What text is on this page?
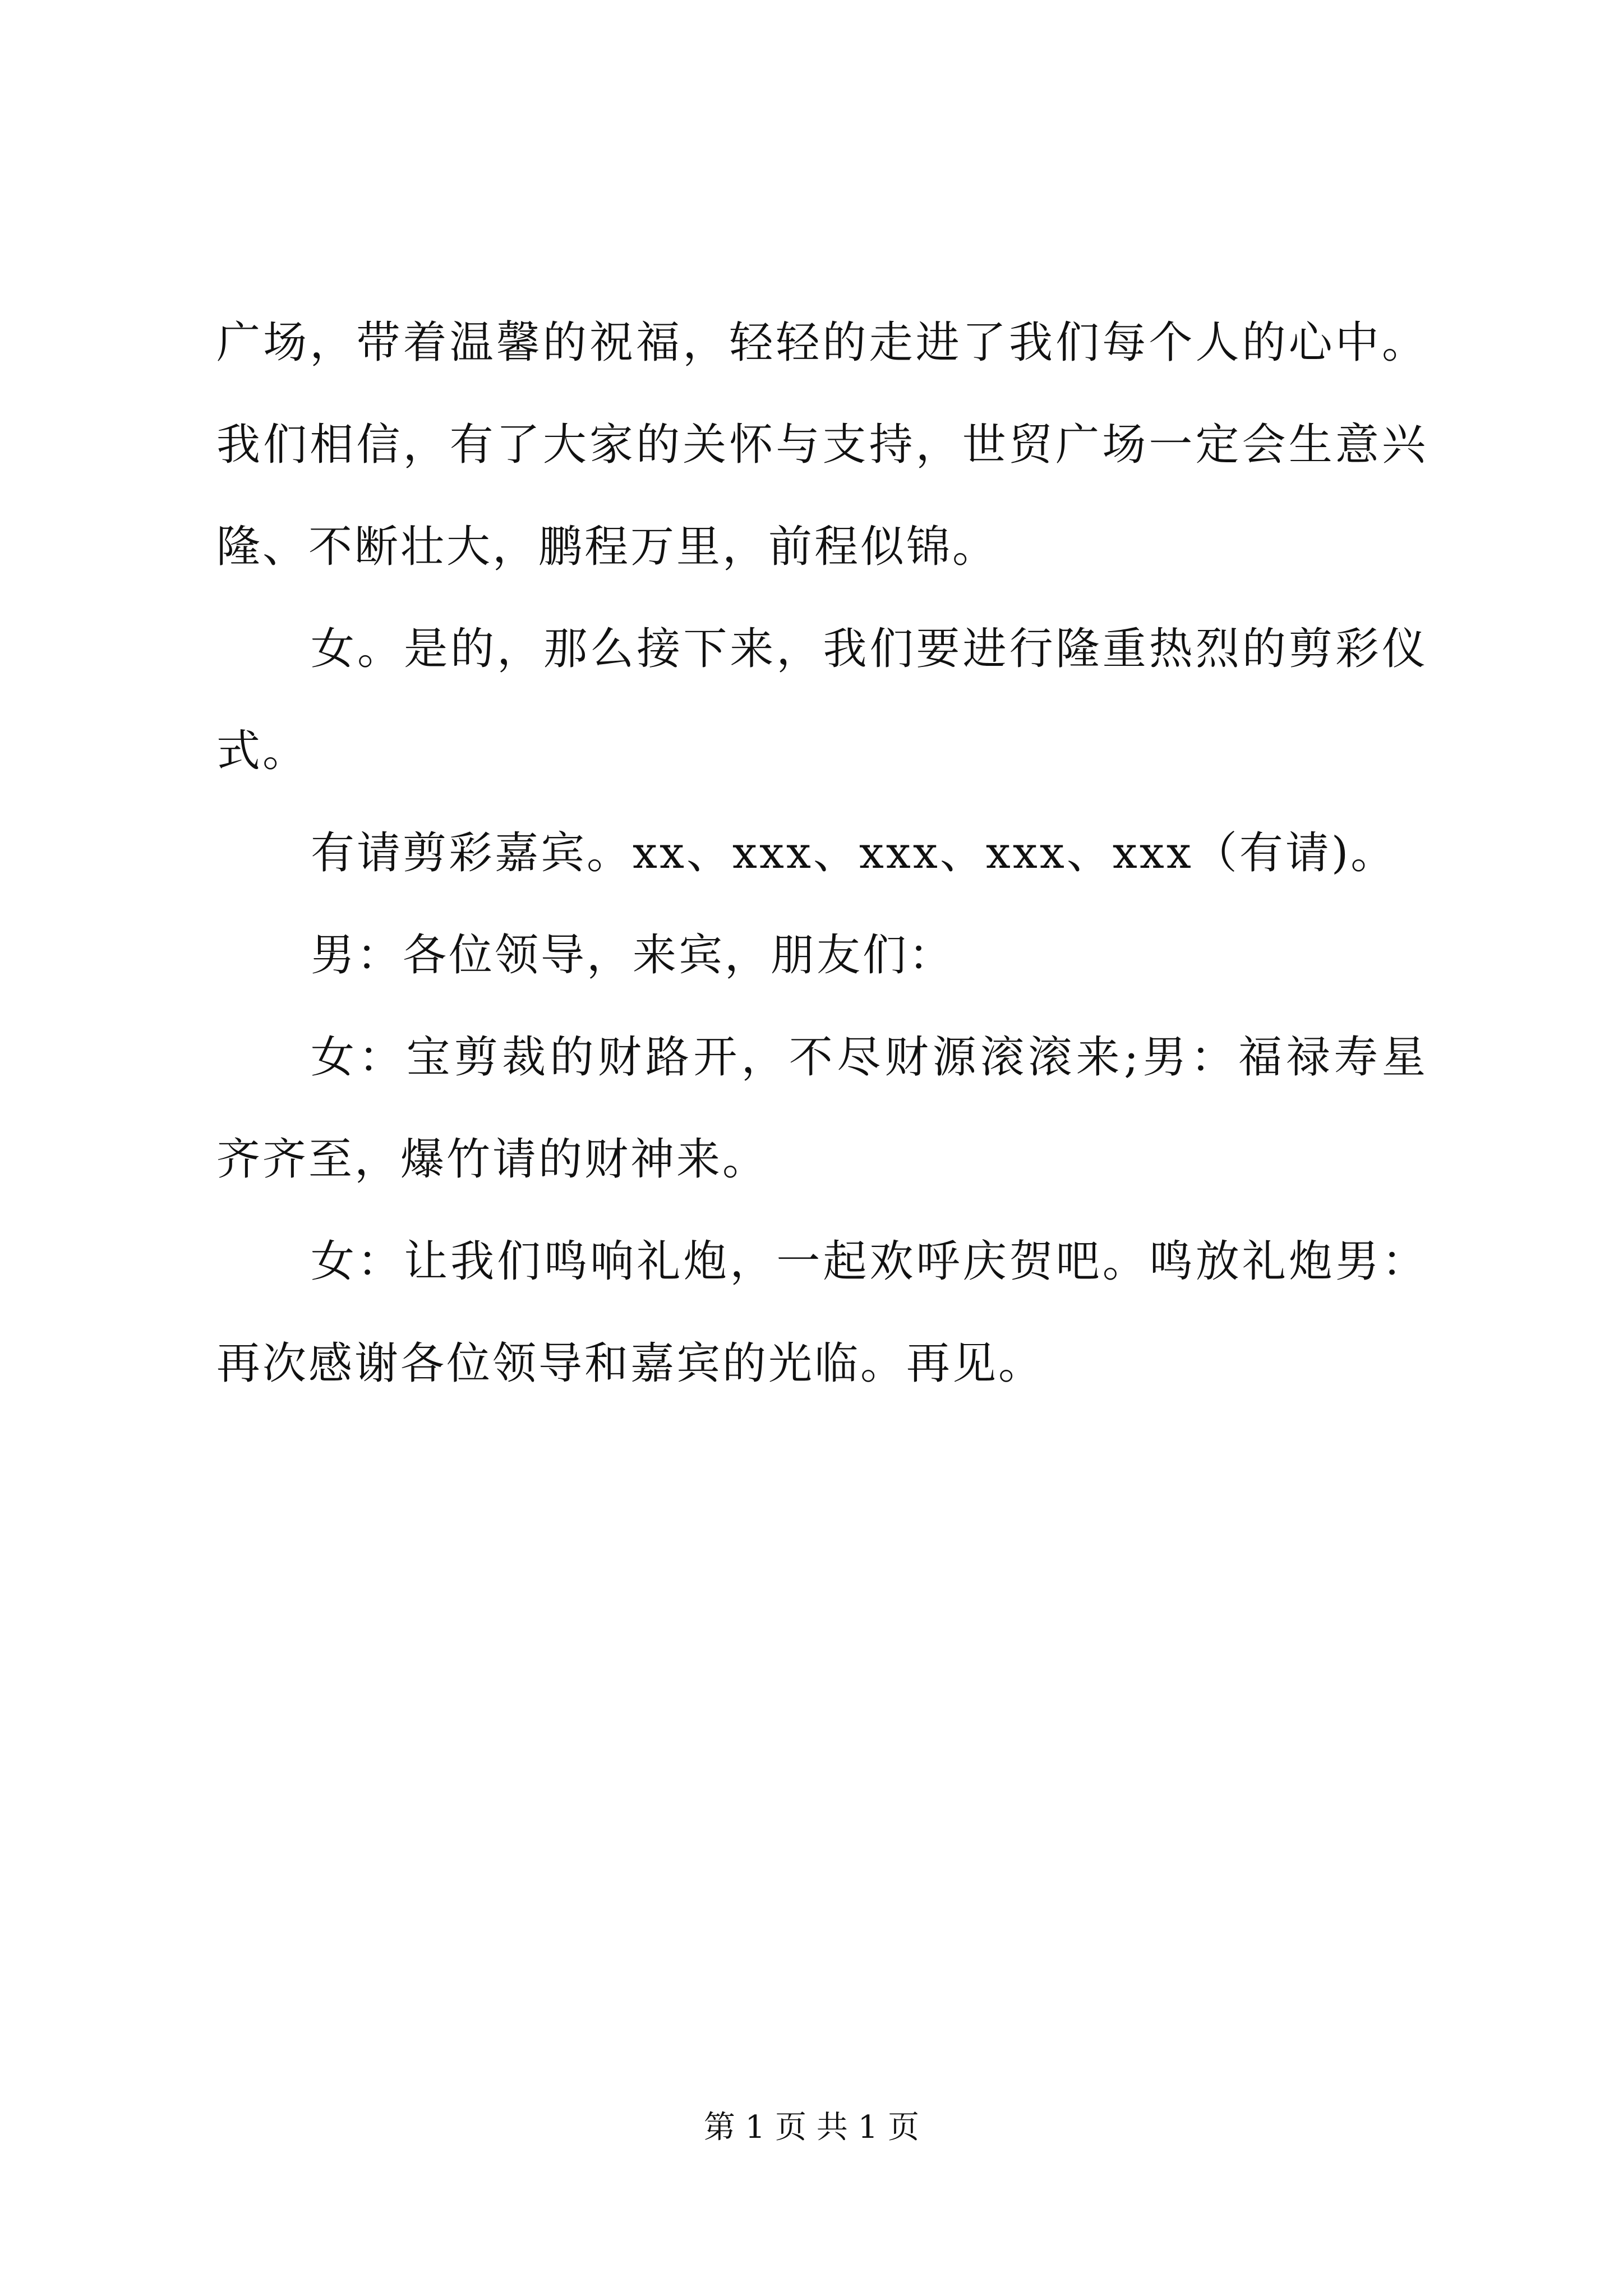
广场，带着温馨的祝福，轻轻的走进了我们每个人的心中。我们相信，有了大家的关怀与支持，世贸广场一定会生意兴隆、不断壮大，鹏程万里，前程似锦。

女。是的，那么接下来，我们要进行隆重热烈的剪彩仪式。

有请剪彩嘉宾。xx、xxx、xxx、xxx、xxx（有请)。

男：各位领导，来宾，朋友们：

女：宝剪裁的财路开，不尽财源滚滚来;男：福禄寿星齐齐至，爆竹请的财神来。

女：让我们鸣响礼炮，一起欢呼庆贺吧。鸣放礼炮男：再次感谢各位领导和嘉宾的光临。再见。

第 1 页 共 1 页
